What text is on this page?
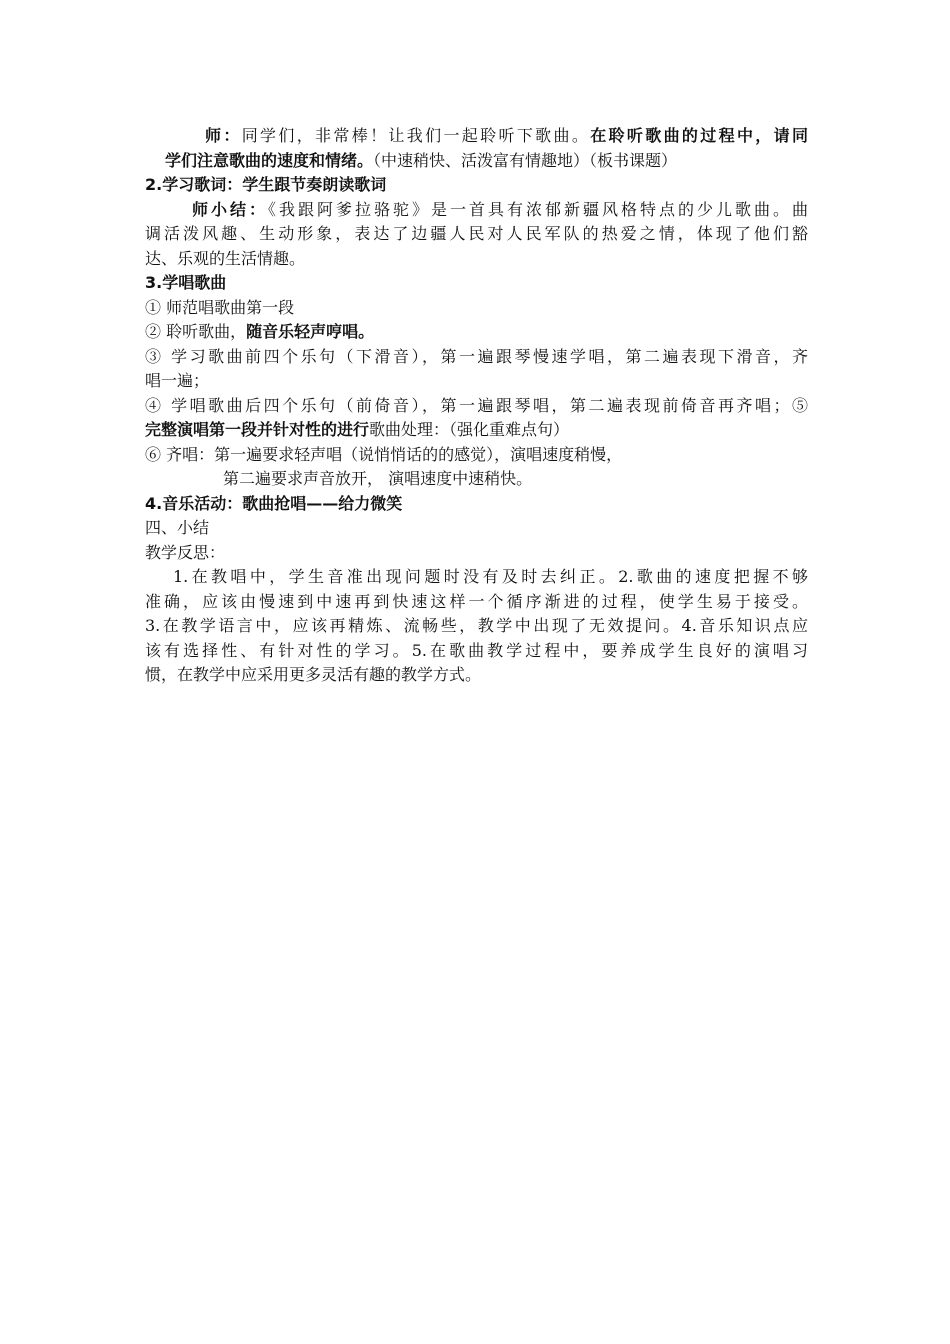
师：同学们，非常棒！让我们一起聆听下歌曲。在聆听歌曲的过程中，请同
学们注意歌曲的速度和情绪。（中速稍快、活泼富有情趣地）（板书课题）
2.学习歌词：学生跟节奏朗读歌词
师小结：《我跟阿爹拉骆驼》是一首具有浓郁新疆风格特点的少儿歌曲。曲
调活泼风趣、生动形象，表达了边疆人民对人民军队的热爱之情，体现了他们豁
达、乐观的生活情趣。
3.学唱歌曲
① 师范唱歌曲第一段
② 聆听歌曲，随音乐轻声哼唱。
③ 学习歌曲前四个乐句（下滑音），第一遍跟琴慢速学唱，第二遍表现下滑音，齐
唱一遍；
④ 学唱歌曲后四个乐句（前倚音），第一遍跟琴唱，第二遍表现前倚音再齐唱；⑤
完整演唱第一段并针对性的进行歌曲处理：（强化重难点句）
⑥ 齐唱：第一遍要求轻声唱（说悄悄话的的感觉），演唱速度稍慢，
第二遍要求声音放开， 演唱速度中速稍快。
4.音乐活动：歌曲抢唱——给力微笑
四、小结
教学反思：
1.在教唱中，学生音准出现问题时没有及时去纠正。2.歌曲的速度把握不够
准确，应该由慢速到中速再到快速这样一个循序渐进的过程，使学生易于接受。
3.在教学语言中，应该再精炼、流畅些，教学中出现了无效提问。4.音乐知识点应
该有选择性、有针对性的学习。5.在歌曲教学过程中，要养成学生良好的演唱习
惯，在教学中应采用更多灵活有趣的教学方式。
